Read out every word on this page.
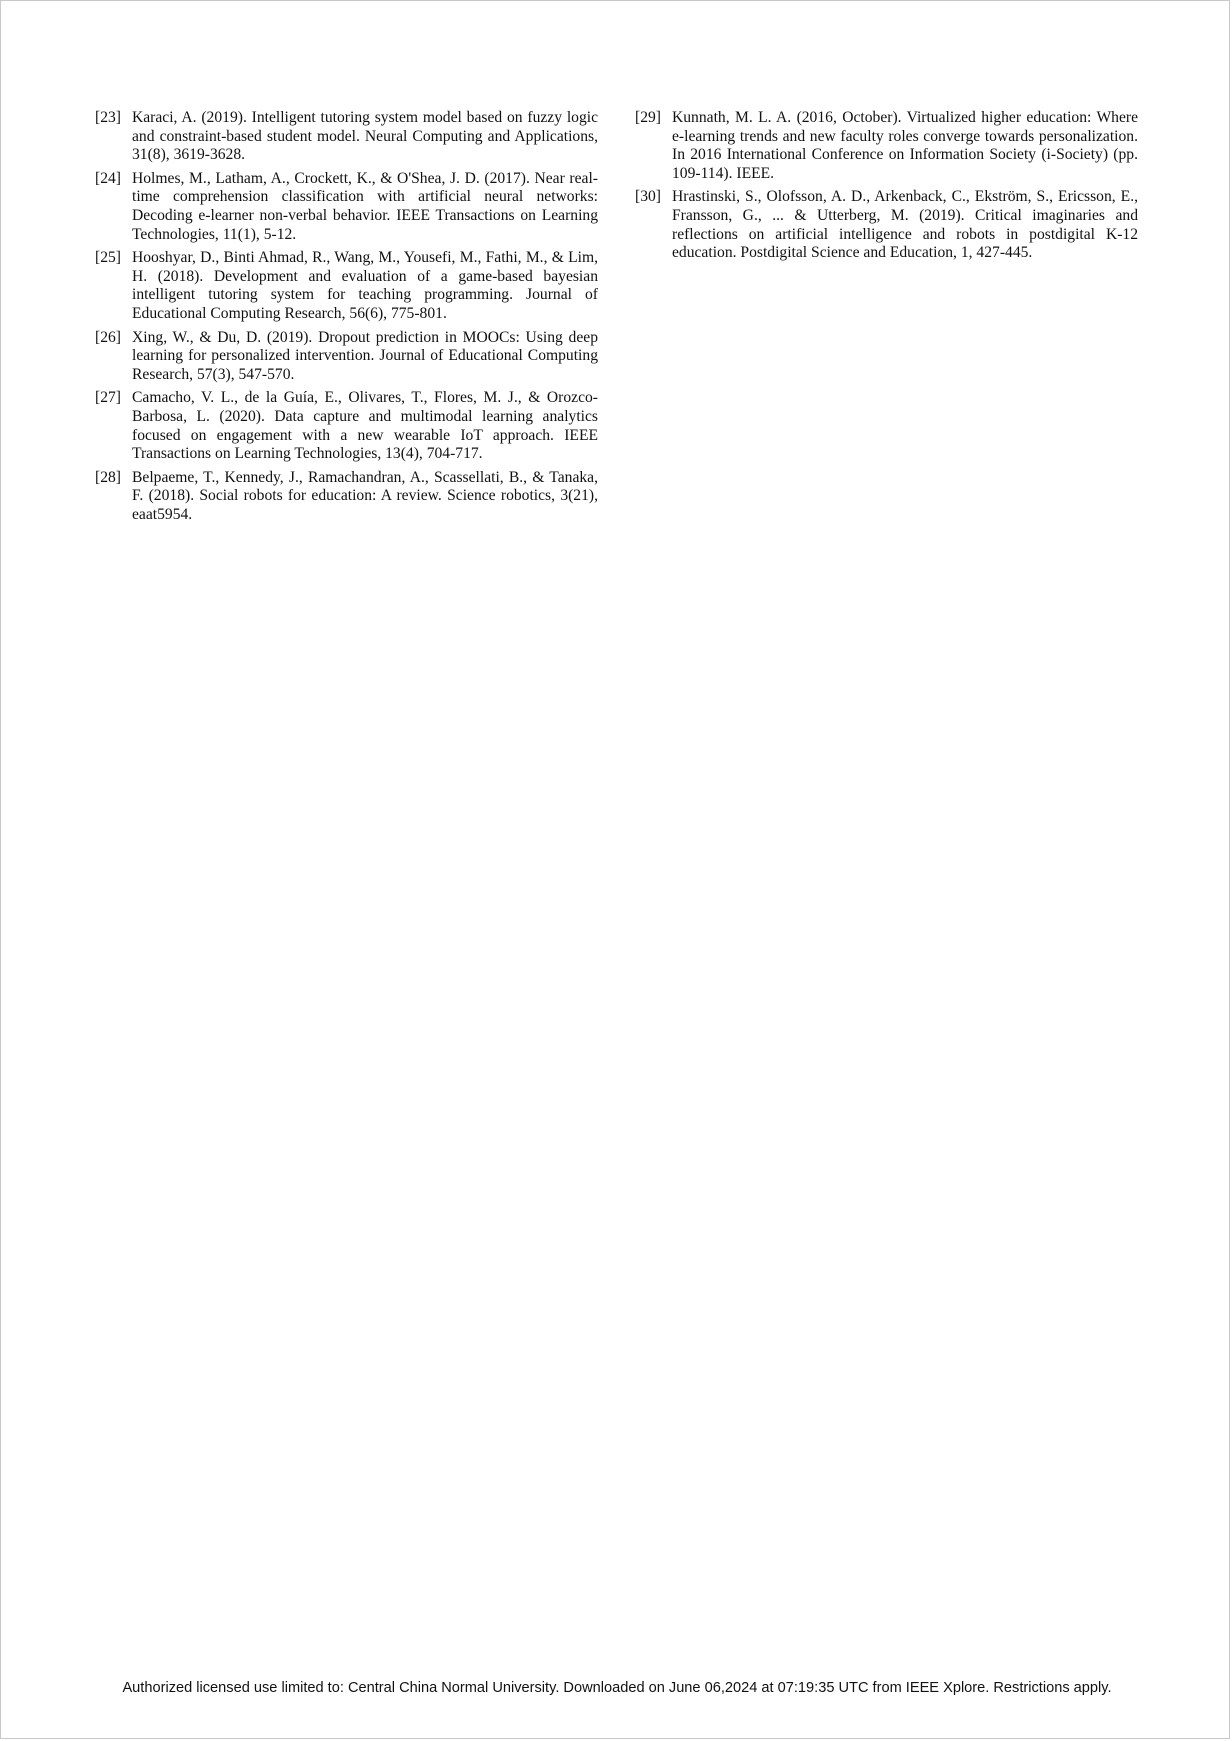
[23] Karaci, A. (2019). Intelligent tutoring system model based on fuzzy logic and constraint-based student model. Neural Computing and Applications, 31(8), 3619-3628.
[24] Holmes, M., Latham, A., Crockett, K., & O'Shea, J. D. (2017). Near real-time comprehension classification with artificial neural networks: Decoding e-learner non-verbal behavior. IEEE Transactions on Learning Technologies, 11(1), 5-12.
[25] Hooshyar, D., Binti Ahmad, R., Wang, M., Yousefi, M., Fathi, M., & Lim, H. (2018). Development and evaluation of a game-based bayesian intelligent tutoring system for teaching programming. Journal of Educational Computing Research, 56(6), 775-801.
[26] Xing, W., & Du, D. (2019). Dropout prediction in MOOCs: Using deep learning for personalized intervention. Journal of Educational Computing Research, 57(3), 547-570.
[27] Camacho, V. L., de la Guía, E., Olivares, T., Flores, M. J., & Orozco-Barbosa, L. (2020). Data capture and multimodal learning analytics focused on engagement with a new wearable IoT approach. IEEE Transactions on Learning Technologies, 13(4), 704-717.
[28] Belpaeme, T., Kennedy, J., Ramachandran, A., Scassellati, B., & Tanaka, F. (2018). Social robots for education: A review. Science robotics, 3(21), eaat5954.
[29] Kunnath, M. L. A. (2016, October). Virtualized higher education: Where e-learning trends and new faculty roles converge towards personalization. In 2016 International Conference on Information Society (i-Society) (pp. 109-114). IEEE.
[30] Hrastinski, S., Olofsson, A. D., Arkenback, C., Ekström, S., Ericsson, E., Fransson, G., ... & Utterberg, M. (2019). Critical imaginaries and reflections on artificial intelligence and robots in postdigital K-12 education. Postdigital Science and Education, 1, 427-445.
Authorized licensed use limited to: Central China Normal University. Downloaded on June 06,2024 at 07:19:35 UTC from IEEE Xplore. Restrictions apply.
